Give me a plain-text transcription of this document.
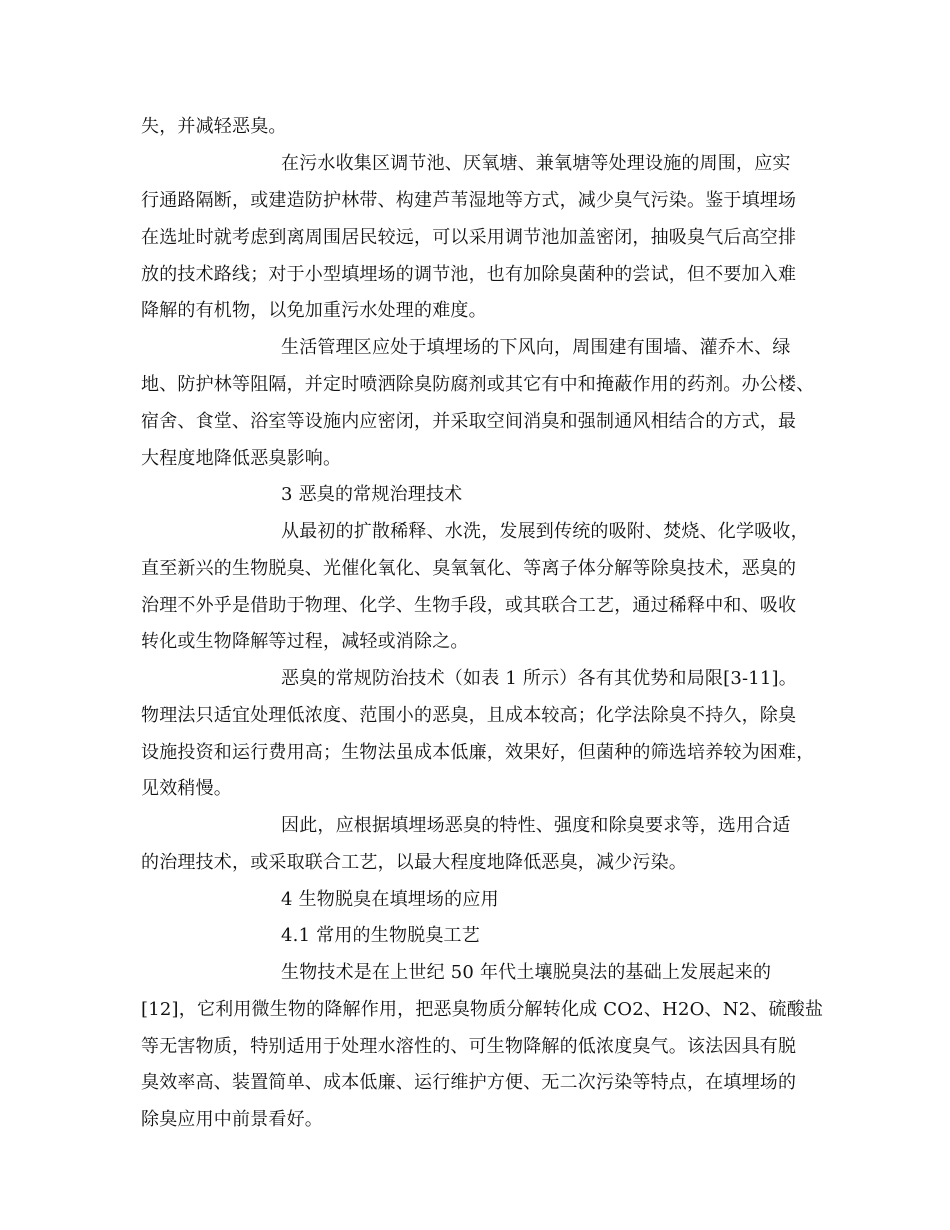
失，并减轻恶臭。
在污水收集区调节池、厌氧塘、兼氧塘等处理设施的周围，应实
行通路隔断，或建造防护林带、构建芦苇湿地等方式，减少臭气污染。鉴于填埋场
在选址时就考虑到离周围居民较远，可以采用调节池加盖密闭，抽吸臭气后高空排
放的技术路线；对于小型填埋场的调节池，也有加除臭菌种的尝试，但不要加入难
降解的有机物，以免加重污水处理的难度。
生活管理区应处于填埋场的下风向，周围建有围墙、灌乔木、绿
地、防护林等阻隔，并定时喷洒除臭防腐剂或其它有中和掩蔽作用的药剂。办公楼、
宿舍、食堂、浴室等设施内应密闭，并采取空间消臭和强制通风相结合的方式，最
大程度地降低恶臭影响。
3 恶臭的常规治理技术
从最初的扩散稀释、水洗，发展到传统的吸附、焚烧、化学吸收，
直至新兴的生物脱臭、光催化氧化、臭氧氧化、等离子体分解等除臭技术，恶臭的
治理不外乎是借助于物理、化学、生物手段，或其联合工艺，通过稀释中和、吸收
转化或生物降解等过程，减轻或消除之。
恶臭的常规防治技术（如表 1 所示）各有其优势和局限[3-11]。
物理法只适宜处理低浓度、范围小的恶臭，且成本较高；化学法除臭不持久，除臭
设施投资和运行费用高；生物法虽成本低廉，效果好，但菌种的筛选培养较为困难，
见效稍慢。
因此，应根据填埋场恶臭的特性、强度和除臭要求等，选用合适
的治理技术，或采取联合工艺，以最大程度地降低恶臭，减少污染。
4 生物脱臭在填埋场的应用
4.1 常用的生物脱臭工艺
生物技术是在上世纪 50 年代土壤脱臭法的基础上发展起来的
[12]，它利用微生物的降解作用，把恶臭物质分解转化成 CO2、H2O、N2、硫酸盐
等无害物质，特别适用于处理水溶性的、可生物降解的低浓度臭气。该法因具有脱
臭效率高、装置简单、成本低廉、运行维护方便、无二次污染等特点，在填埋场的
除臭应用中前景看好。
